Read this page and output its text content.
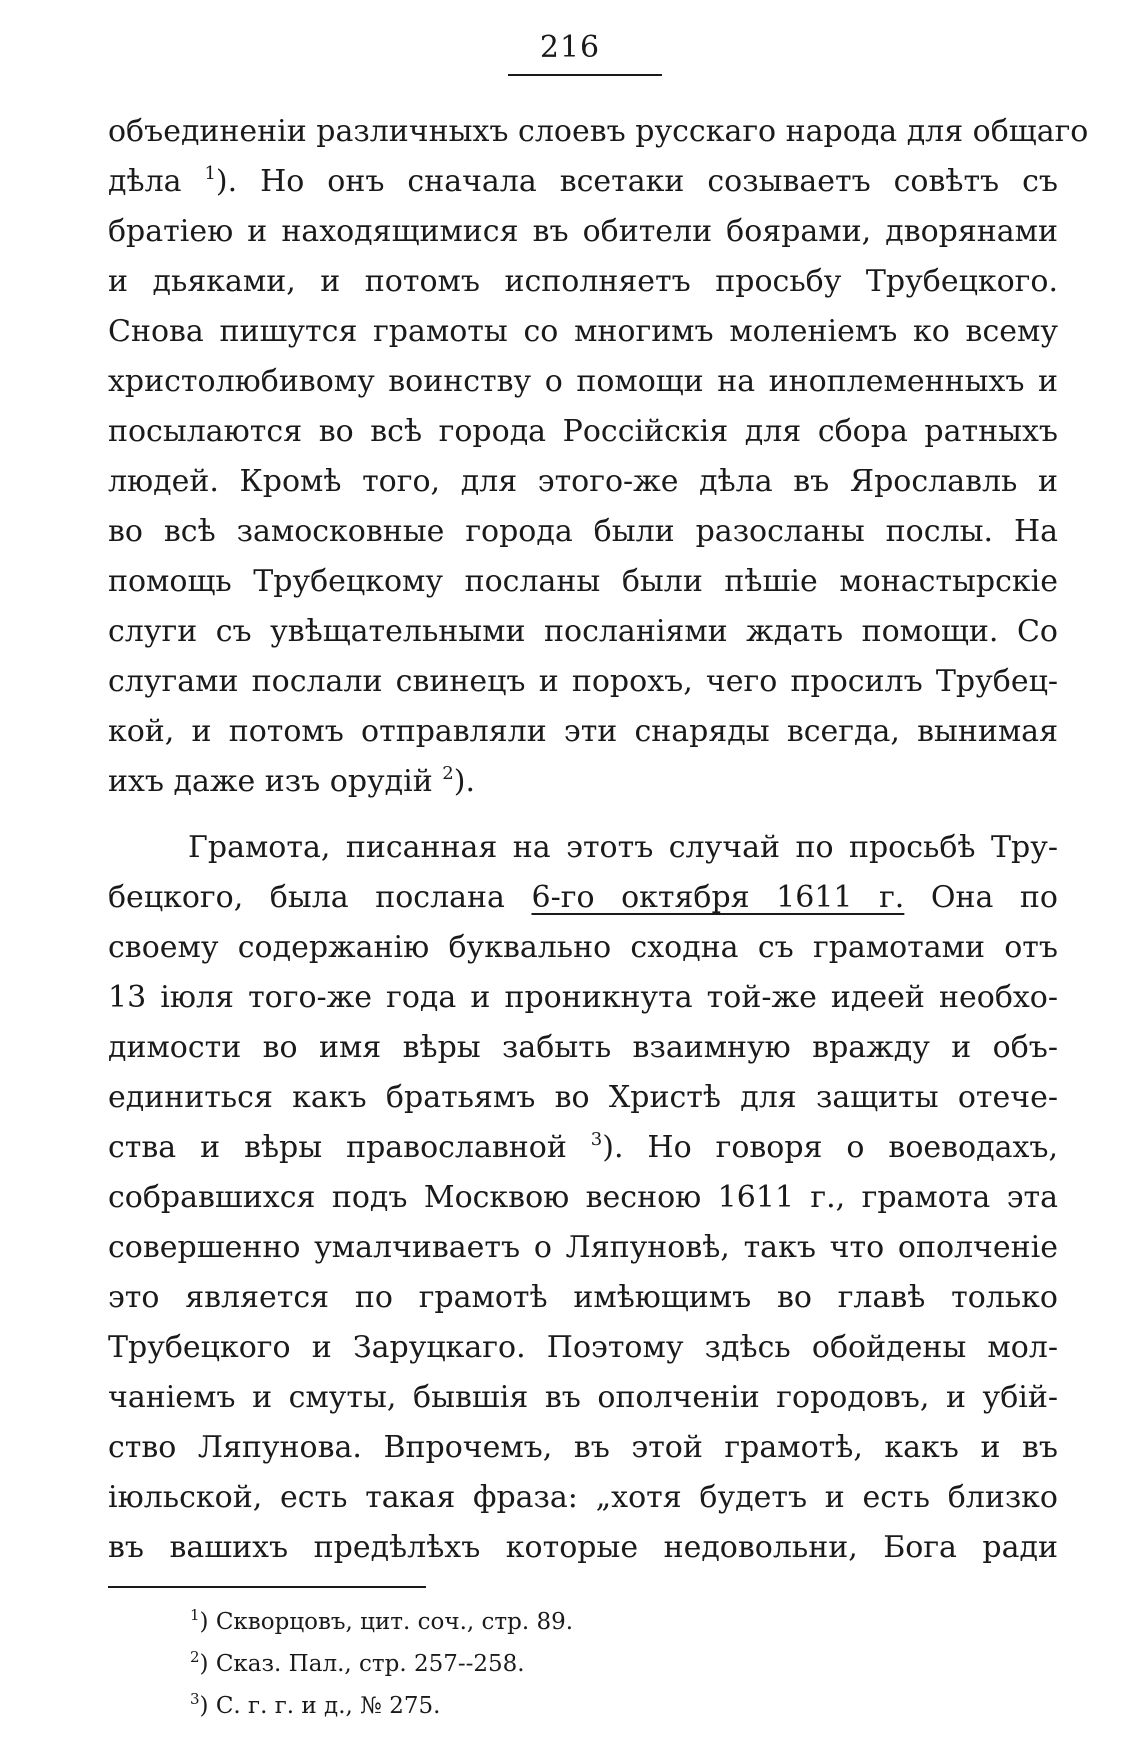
216
объединенiи различныхъ слоевъ русскаго народа для общаго
дѣла $^1$). Но онъ сначала всетаки созываетъ совѣтъ съ
братiею и находящимися въ обители боярами, дворянами
и дьяками, и потомъ исполняетъ просьбу Трубецкого.
Снова пишутся грамоты со многимъ моленiемъ ко всему
христолюбивому воинству о помощи на иноплеменныхъ и
посылаются во всѣ города Россiйскiя для сбора ратныхъ
людей. Кромѣ того, для этого-же дѣла въ Ярославль и
во всѣ замосковные города были разосланы послы. На
помощь Трубецкому посланы были пѣшiе монастырскiе
слуги съ увѣщательными посланiями ждать помощи. Со
слугами послали свинецъ и порохъ, чего просилъ Трубец-
кой, и потомъ отправляли эти снаряды всегда, вынимая
ихъ даже изъ орудiй $^2$).
Грамота, писанная на этотъ случай по просьбѣ Тру-
бецкого, была послана 6-го октября 1611 г. Она по
своему содержанiю буквально сходна съ грамотами отъ
13 iюля того-же года и проникнута той-же идеей необхо-
димости во имя вѣры забыть взаимную вражду и объ-
единиться какъ братьямъ во Христѣ для защиты отече-
ства и вѣры православной $^3$). Но говоря о воеводахъ,
собравшихся подъ Москвою весною 1611 г., грамота эта
совершенно умалчиваетъ о Ляпуновѣ, такъ что ополченiе
это является по грамотѣ имѣющимъ во главѣ только
Трубецкого и Заруцкаго. Поэтому здѣсь обойдены мол-
чанiемъ и смуты, бывшiя въ ополченiи городовъ, и убiй-
ство Ляпунова. Впрочемъ, въ этой грамотѣ, какъ и въ
iюльской, есть такая фраза: „хотя будетъ и есть близко
въ вашихъ предѣлѣхъ которые недовольни, Бога ради
$^1$) Скворцовъ, цит. соч., стр. 89.
$^2$) Сказ. Пал., стр. 257--258.
$^3$) С. г. г. и д., № 275.
